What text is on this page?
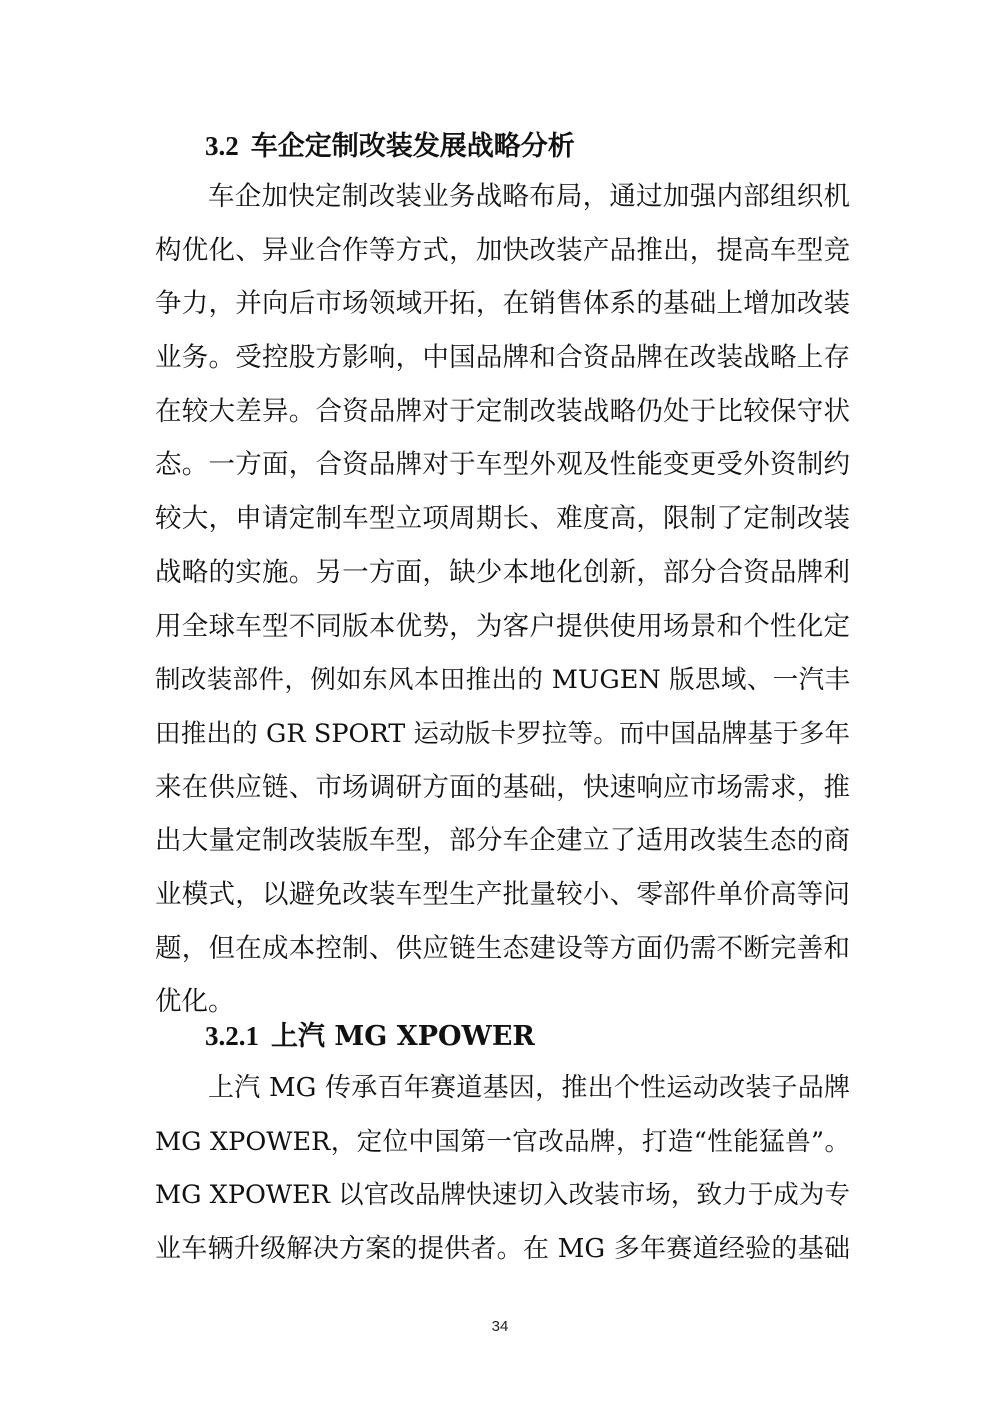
3.2 车企定制改装发展战略分析
车企加快定制改装业务战略布局，通过加强内部组织机
构优化、异业合作等方式，加快改装产品推出，提高车型竞
争力，并向后市场领域开拓，在销售体系的基础上增加改装
业务。受控股方影响，中国品牌和合资品牌在改装战略上存
在较大差异。合资品牌对于定制改装战略仍处于比较保守状
态。一方面，合资品牌对于车型外观及性能变更受外资制约
较大，申请定制车型立项周期长、难度高，限制了定制改装
战略的实施。另一方面，缺少本地化创新，部分合资品牌利
用全球车型不同版本优势，为客户提供使用场景和个性化定
制改装部件，例如东风本田推出的 MUGEN 版思域、一汽丰
田推出的 GR SPORT 运动版卡罗拉等。而中国品牌基于多年
来在供应链、市场调研方面的基础，快速响应市场需求，推
出大量定制改装版车型，部分车企建立了适用改装生态的商
业模式，以避免改装车型生产批量较小、零部件单价高等问
题，但在成本控制、供应链生态建设等方面仍需不断完善和
优化。
3.2.1 上汽 MG XPOWER
上汽 MG 传承百年赛道基因，推出个性运动改装子品牌
MG XPOWER，定位中国第一官改品牌，打造“性能猛兽”。
MG XPOWER 以官改品牌快速切入改装市场，致力于成为专
业车辆升级解决方案的提供者。在 MG 多年赛道经验的基础
34
